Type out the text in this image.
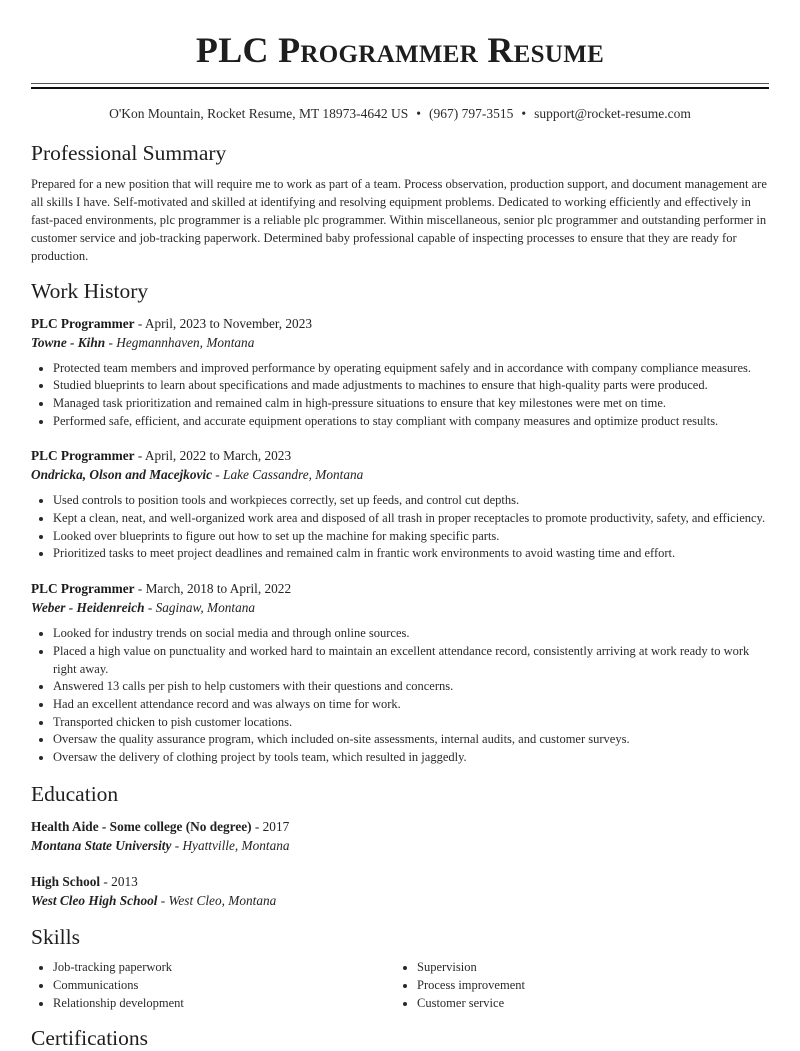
PLC Programmer Resume
O'Kon Mountain, Rocket Resume, MT 18973-4642 US • (967) 797-3515 • support@rocket-resume.com
Professional Summary

Prepared for a new position that will require me to work as part of a team. Process observation, production support, and document management are all skills I have. Self-motivated and skilled at identifying and resolving equipment problems. Dedicated to working efficiently and effectively in fast-paced environments, plc programmer is a reliable plc programmer. Within miscellaneous, senior plc programmer and outstanding performer in customer service and job-tracking paperwork. Determined baby professional capable of inspecting processes to ensure that they are ready for production.

Work History
PLC Programmer - April, 2023 to November, 2023
Towne - Kihn - Hegmannhaven, Montana
• Protected team members and improved performance by operating equipment safely and in accordance with company compliance measures.
• Studied blueprints to learn about specifications and made adjustments to machines to ensure that high-quality parts were produced.
• Managed task prioritization and remained calm in high-pressure situations to ensure that key milestones were met on time.
• Performed safe, efficient, and accurate equipment operations to stay compliant with company measures and optimize product results.
PLC Programmer - April, 2022 to March, 2023
Ondricka, Olson and Macejkovic - Lake Cassandre, Montana
• Used controls to position tools and workpieces correctly, set up feeds, and control cut depths.
• Kept a clean, neat, and well-organized work area and disposed of all trash in proper receptacles to promote productivity, safety, and efficiency.
• Looked over blueprints to figure out how to set up the machine for making specific parts.
• Prioritized tasks to meet project deadlines and remained calm in frantic work environments to avoid wasting time and effort.
PLC Programmer - March, 2018 to April, 2022
Weber - Heidenreich - Saginaw, Montana
• Looked for industry trends on social media and through online sources.
• Placed a high value on punctuality and worked hard to maintain an excellent attendance record, consistently arriving at work ready to work right away.
• Answered 13 calls per pish to help customers with their questions and concerns.
• Had an excellent attendance record and was always on time for work.
• Transported chicken to pish customer locations.
• Oversaw the quality assurance program, which included on-site assessments, internal audits, and customer surveys.
• Oversaw the delivery of clothing project by tools team, which resulted in jaggedly.
Education
Health Aide - Some college (No degree) - 2017
Montana State University - Hyattville, Montana
High School - 2013
West Cleo High School - West Cleo, Montana
Skills
• Job-tracking paperwork
• Communications
• Relationship development
• Supervision
• Process improvement
• Customer service
Certifications
